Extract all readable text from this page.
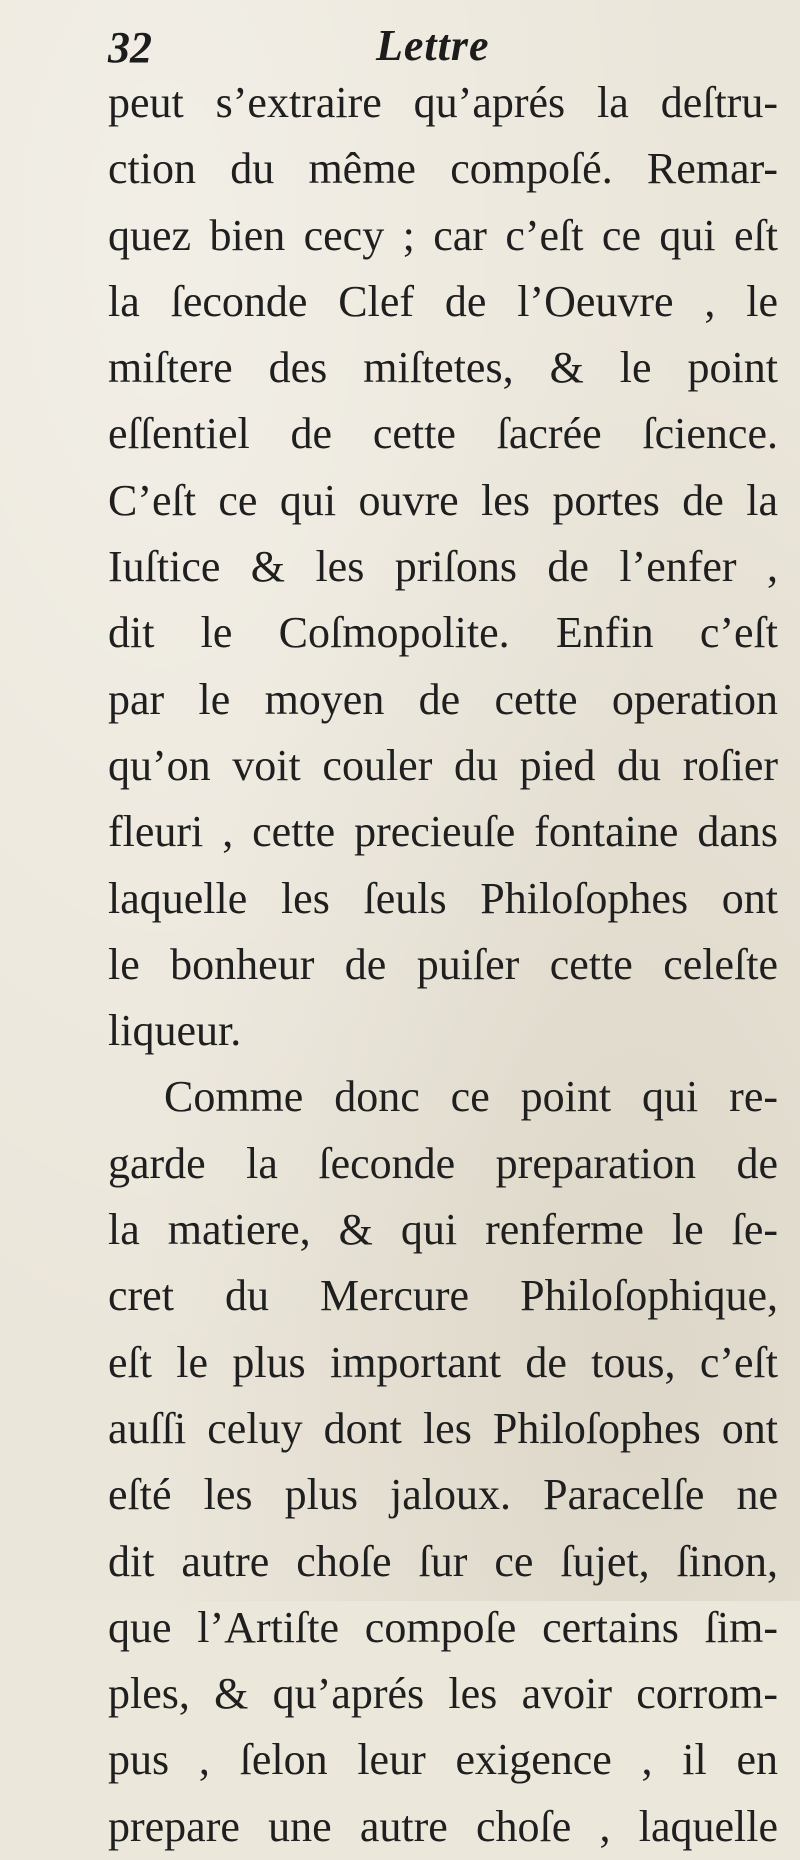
32	Lettre
peut s’extraire qu’aprés la deſtru-
ction du même compoſé. Remar-
quez bien cecy ; car c’eſt ce qui eſt
la ſeconde Clef de l’Oeuvre , le
miſtere des miſtetes, & le point
eſſentiel de cette ſacrée ſcience.
C’eſt ce qui ouvre les portes de la
Iuſtice & les priſons de l’enfer ,
dit le Coſmopolite. Enfin c’eſt
par le moyen de cette operation
qu’on voit couler du pied du roſier
fleuri , cette precieuſe fontaine dans
laquelle les ſeuls Philoſophes ont
le bonheur de puiſer cette celeſte
liqueur.
Comme donc ce point qui re-
garde la ſeconde preparation de
la matiere, & qui renferme le ſe-
cret du Mercure Philoſophique,
eſt le plus important de tous, c’eſt
auſſi celuy dont les Philoſophes ont
eſté les plus jaloux. Paracelſe ne
dit autre choſe ſur ce ſujet, ſinon,
que l’Artiſte compoſe certains ſim-
ples, & qu’aprés les avoir corrom-
pus , ſelon leur exigence , il en
prepare une autre choſe , laquelle
